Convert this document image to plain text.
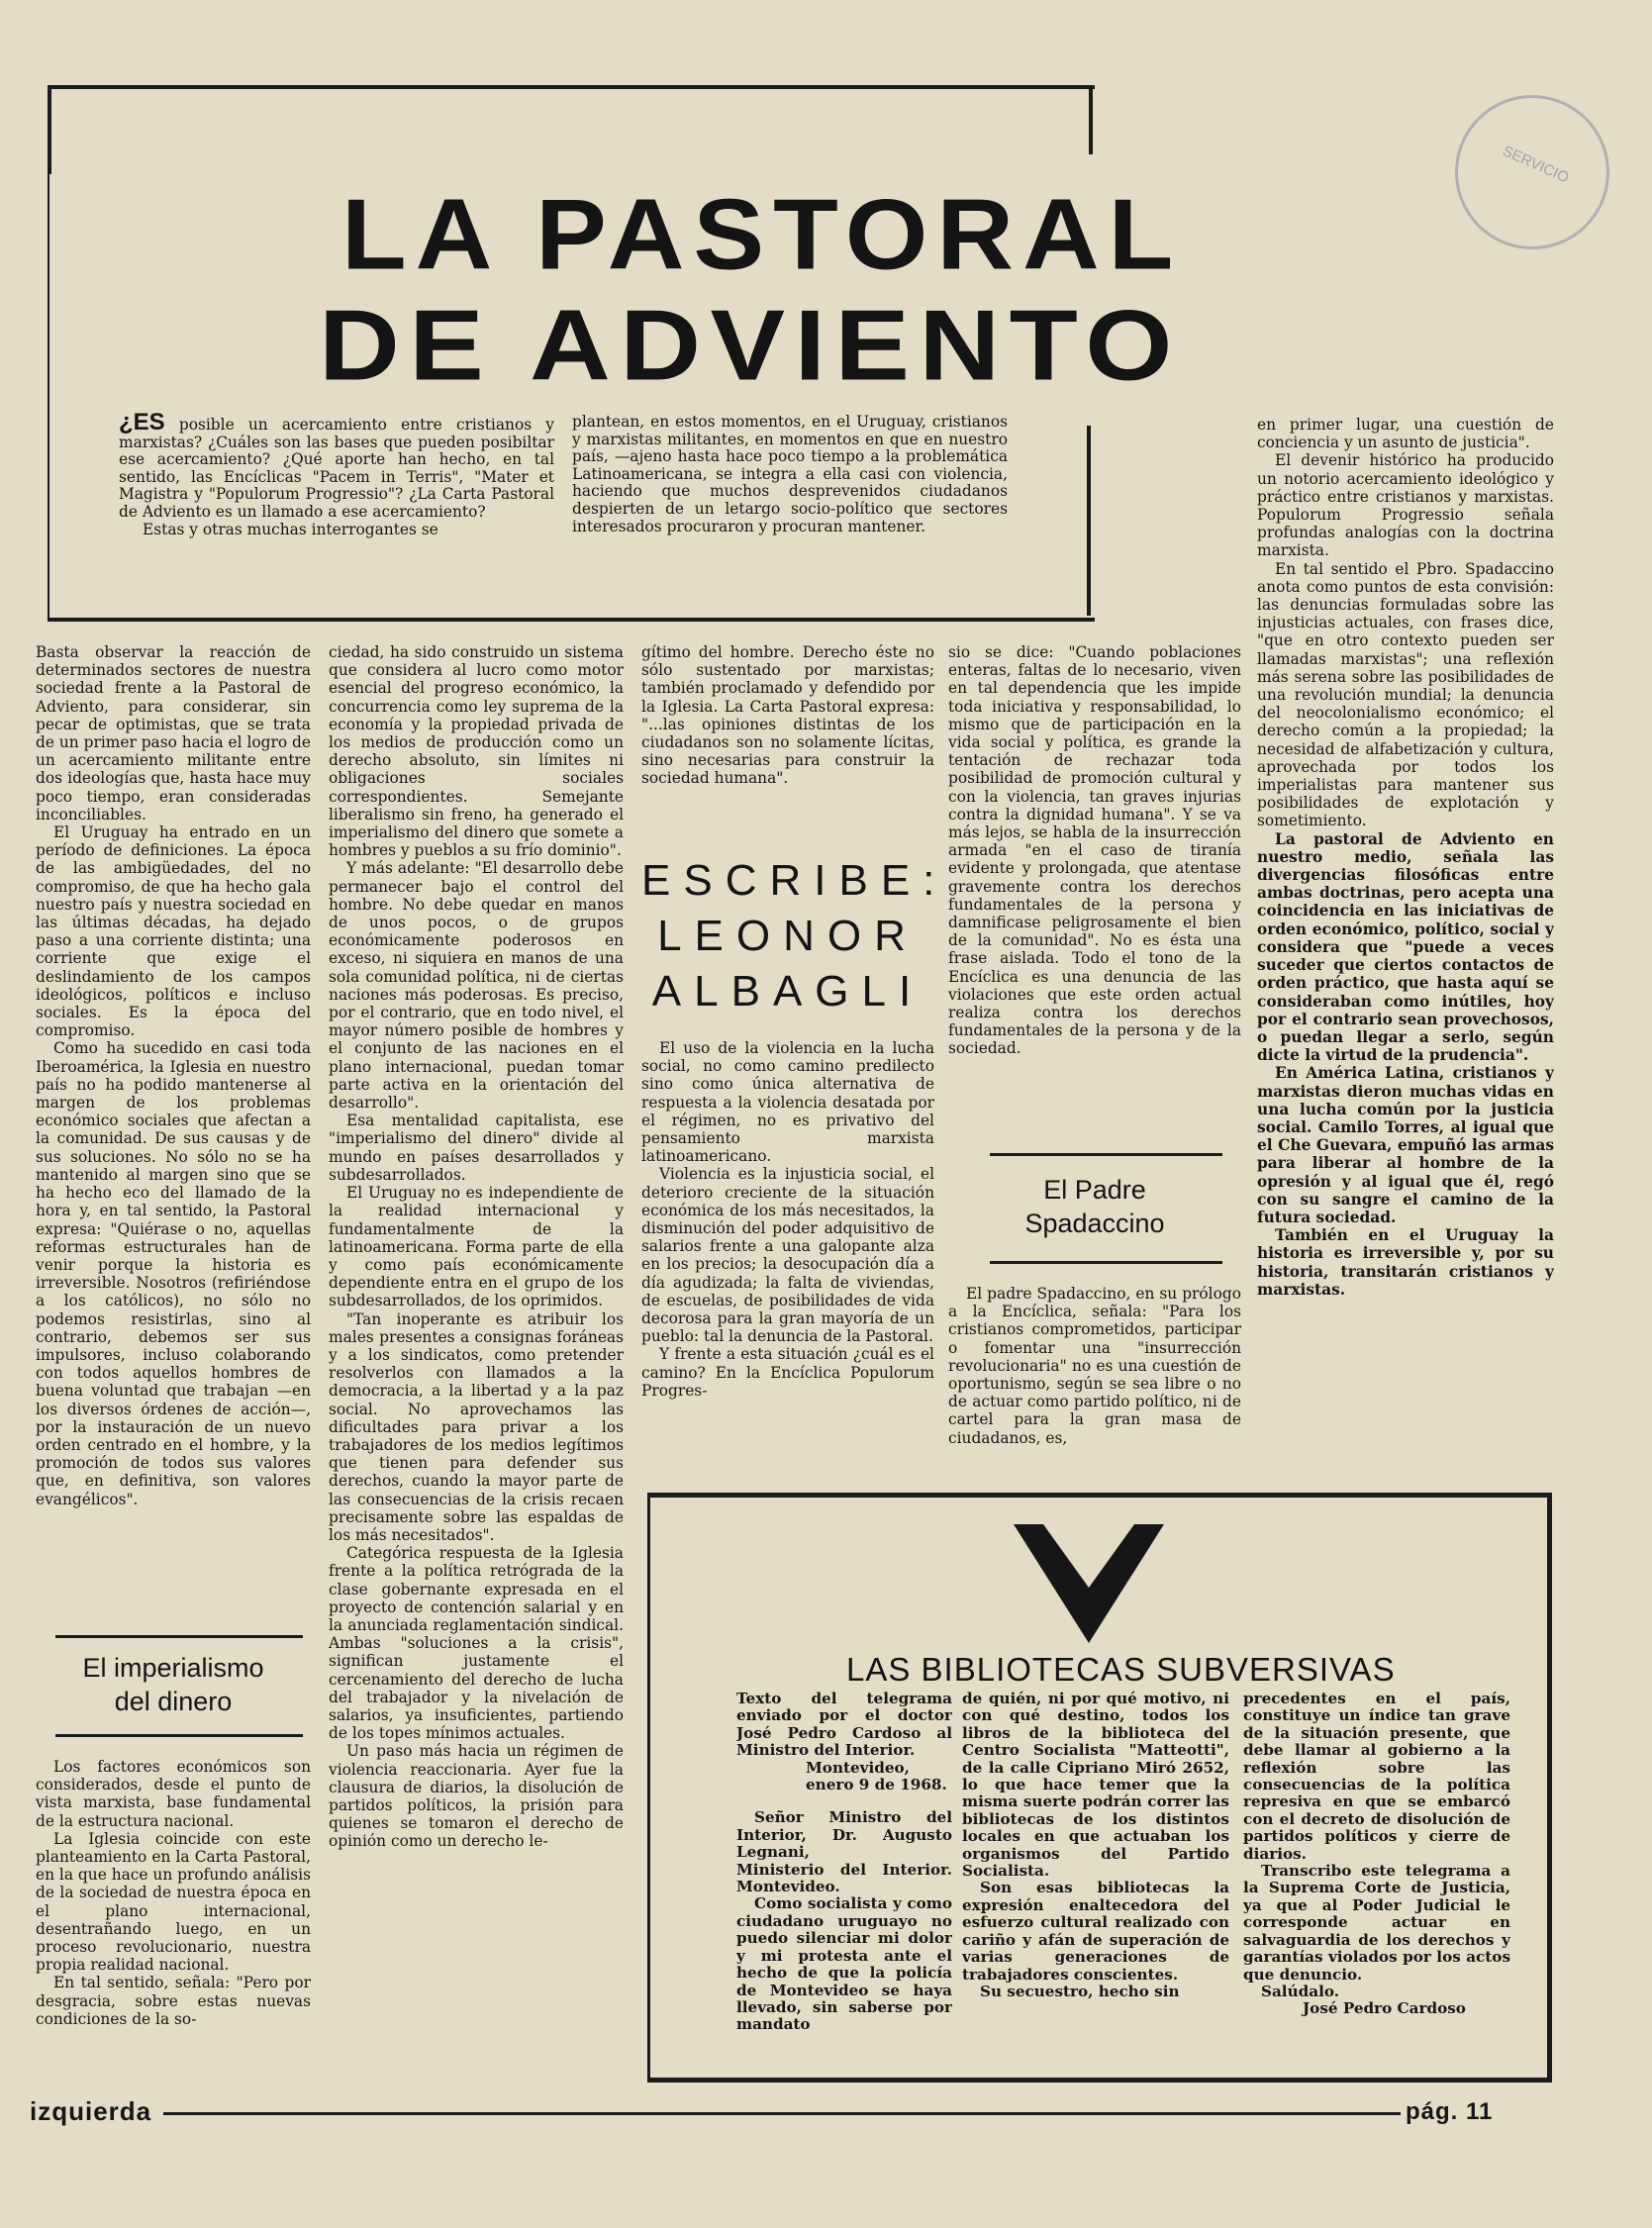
SERVICIO
LA PASTORAL
DE ADVIENTO
¿ES posible un acercamiento entre cristianos y marxistas? ¿Cuáles son las bases que pueden posibiltar ese acercamiento? ¿Qué aporte han hecho, en tal sentido, las Encíclicas "Pacem in Terris", "Mater et Magistra y "Populorum Progressio"? ¿La Carta Pastoral de Adviento es un llamado a ese acercamiento?
Estas y otras muchas interrogantes se
plantean, en estos momentos, en el Uruguay, cristianos y marxistas militantes, en momentos en que en nuestro país, —ajeno hasta hace poco tiempo a la problemática Latinoamericana, se integra a ella casi con violencia, haciendo que muchos desprevenidos ciudadanos despierten de un letargo socio-político que sectores interesados procuraron y procuran mantener.

Basta observar la reacción de determinados sectores de nuestra sociedad frente a la Pastoral de Adviento, para considerar, sin pecar de optimistas, que se trata de un primer paso hacia el logro de un acercamiento militante entre dos ideologías que, hasta hace muy poco tiempo, eran consideradas inconciliables.

El Uruguay ha entrado en un período de definiciones. La época de las ambigüedades, del no compromiso, de que ha hecho gala nuestro país y nuestra sociedad en las últimas décadas, ha dejado paso a una corriente distinta; una corriente que exige el deslindamiento de los campos ideológicos, políticos e incluso sociales. Es la época del compromiso.

Como ha sucedido en casi toda Iberoamérica, la Iglesia en nuestro país no ha podido mantenerse al margen de los problemas económico sociales que afectan a la comunidad. De sus causas y de sus soluciones. No sólo no se ha mantenido al margen sino que se ha hecho eco del llamado de la hora y, en tal sentido, la Pastoral expresa: "Quiérase o no, aquellas reformas estructurales han de venir porque la historia es irreversible. Nosotros (refiriéndose a los católicos), no sólo no podemos resistirlas, sino al contrario, debemos ser sus impulsores, incluso colaborando con todos aquellos hombres de buena voluntad que trabajan —en los diversos órdenes de acción—, por la instauración de un nuevo orden centrado en el hombre, y la promoción de todos sus valores que, en definitiva, son valores evangélicos".

El imperialismo
del dinero

Los factores económicos son considerados, desde el punto de vista marxista, base fundamental de la estructura nacional.

La Iglesia coincide con este planteamiento en la Carta Pastoral, en la que hace un profundo análisis de la sociedad de nuestra época en el plano internacional, desentrañando luego, en un proceso revolucionario, nuestra propia realidad nacional.

En tal sentido, señala: "Pero por desgracia, sobre estas nuevas condiciones de la so-

ciedad, ha sido construido un sistema que considera al lucro como motor esencial del progreso económico, la concurrencia como ley suprema de la economía y la propiedad privada de los medios de producción como un derecho absoluto, sin límites ni obligaciones sociales correspondientes. Semejante liberalismo sin freno, ha generado el imperialismo del dinero que somete a hombres y pueblos a su frío dominio".

Y más adelante: "El desarrollo debe permanecer bajo el control del hombre. No debe quedar en manos de unos pocos, o de grupos económicamente poderosos en exceso, ni siquiera en manos de una sola comunidad política, ni de ciertas naciones más poderosas. Es preciso, por el contrario, que en todo nivel, el mayor número posible de hombres y el conjunto de las naciones en el plano internacional, puedan tomar parte activa en la orientación del desarrollo".

Esa mentalidad capitalista, ese "imperialismo del dinero" divide al mundo en países desarrollados y subdesarrollados.

El Uruguay no es independiente de la realidad internacional y fundamentalmente de la latinoamericana. Forma parte de ella y como país económicamente dependiente entra en el grupo de los subdesarrollados, de los oprimidos.

"Tan inoperante es atribuir los males presentes a consignas foráneas y a los sindicatos, como pretender resolverlos con llamados a la democracia, a la libertad y a la paz social. No aprovechamos las dificultades para privar a los trabajadores de los medios legítimos que tienen para defender sus derechos, cuando la mayor parte de las consecuencias de la crisis recaen precisamente sobre las espaldas de los más necesitados".

Categórica respuesta de la Iglesia frente a la política retrógrada de la clase gobernante expresada en el proyecto de contención salarial y en la anunciada reglamentación sindical. Ambas "soluciones a la crisis", significan justamente el cercenamiento del derecho de lucha del trabajador y la nivelación de salarios, ya insuficientes, partiendo de los topes mínimos actuales.

Un paso más hacia un régimen de violencia reaccionaria. Ayer fue la clausura de diarios, la disolución de partidos políticos, la prisión para quienes se tomaron el derecho de opinión como un derecho le-

gítimo del hombre. Derecho éste no sólo sustentado por marxistas; también proclamado y defendido por la Iglesia. La Carta Pastoral expresa: "...las opiniones distintas de los ciudadanos son no solamente lícitas, sino necesarias para construir la sociedad humana".

ESCRIBE:
LEONOR
ALBAGLI

El uso de la violencia en la lucha social, no como camino predilecto sino como única alternativa de respuesta a la violencia desatada por el régimen, no es privativo del pensamiento marxista latinoamericano.

Violencia es la injusticia social, el deterioro creciente de la situación económica de los más necesitados, la disminución del poder adquisitivo de salarios frente a una galopante alza en los precios; la desocupación día a día agudizada; la falta de viviendas, de escuelas, de posibilidades de vida decorosa para la gran mayoría de un pueblo: tal la denuncia de la Pastoral.

Y frente a esta situación ¿cuál es el camino? En la Encíclica Populorum Progres-

sio se dice: "Cuando poblaciones enteras, faltas de lo necesario, viven en tal dependencia que les impide toda iniciativa y responsabilidad, lo mismo que de participación en la vida social y política, es grande la tentación de rechazar toda posibilidad de promoción cultural y con la violencia, tan graves injurias contra la dignidad humana". Y se va más lejos, se habla de la insurrección armada "en el caso de tiranía evidente y prolongada, que atentase gravemente contra los derechos fundamentales de la persona y damnificase peligrosamente el bien de la comunidad". No es ésta una frase aislada. Todo el tono de la Encíclica es una denuncia de las violaciones que este orden actual realiza contra los derechos fundamentales de la persona y de la sociedad.

El Padre
Spadaccino

El padre Spadaccino, en su prólogo a la Encíclica, señala: "Para los cristianos comprometidos, participar o fomentar una "insurrección revolucionaria" no es una cuestión de oportunismo, según se sea libre o no de actuar como partido político, ni de cartel para la gran masa de ciudadanos, es,

en primer lugar, una cuestión de conciencia y un asunto de justicia".

El devenir histórico ha producido un notorio acercamiento ideológico y práctico entre cristianos y marxistas. Populorum Progressio señala profundas analogías con la doctrina marxista.

En tal sentido el Pbro. Spadaccino anota como puntos de esta convisión: las denuncias formuladas sobre las injusticias actuales, con frases dice, "que en otro contexto pueden ser llamadas marxistas"; una reflexión más serena sobre las posibilidades de una revolución mundial; la denuncia del neocolonialismo económico; el derecho común a la propiedad; la necesidad de alfabetización y cultura, aprovechada por todos los imperialistas para mantener sus posibilidades de explotación y sometimiento.

La pastoral de Adviento en nuestro medio, señala las divergencias filosóficas entre ambas doctrinas, pero acepta una coincidencia en las iniciativas de orden económico, político, social y considera que "puede a veces suceder que ciertos contactos de orden práctico, que hasta aquí se consideraban como inútiles, hoy por el contrario sean provechosos, o puedan llegar a serlo, según dicte la virtud de la prudencia".

En América Latina, cristianos y marxistas dieron muchas vidas en una lucha común por la justicia social. Camilo Torres, al igual que el Che Guevara, empuñó las armas para liberar al hombre de la opresión y al igual que él, regó con su sangre el camino de la futura sociedad.

También en el Uruguay la historia es irreversible y, por su historia, transitarán cristianos y marxistas.

LAS BIBLIOTECAS SUBVERSIVAS

Texto del telegrama enviado por el doctor José Pedro Cardoso al Ministro del Interior.

Montevideo, enero 9 de 1968.

Señor Ministro del Interior, Dr. Augusto Legnani,

Ministerio del Interior. Montevideo.

Como socialista y como ciudadano uruguayo no puedo silenciar mi dolor y mi protesta ante el hecho de que la policía de Montevideo se haya llevado, sin saberse por mandato

de quién, ni por qué motivo, ni con qué destino, todos los libros de la biblioteca del Centro Socialista "Matteotti", de la calle Cipriano Miró 2652, lo que hace temer que la misma suerte podrán correr las bibliotecas de los distintos locales en que actuaban los organismos del Partido Socialista.

Son esas bibliotecas la expresión enaltecedora del esfuerzo cultural realizado con cariño y afán de superación de varias generaciones de trabajadores conscientes.

Su secuestro, hecho sin

precedentes en el país, constituye un índice tan grave de la situación presente, que debe llamar al gobierno a la reflexión sobre las consecuencias de la política represiva en que se embarcó con el decreto de disolución de partidos políticos y cierre de diarios.

Transcribo este telegrama a la Suprema Corte de Justicia, ya que al Poder Judicial le corresponde actuar en salvaguardia de los derechos y garantías violados por los actos que denuncio.

Salúdalo.

José Pedro Cardoso

izquierda	pág. 11
